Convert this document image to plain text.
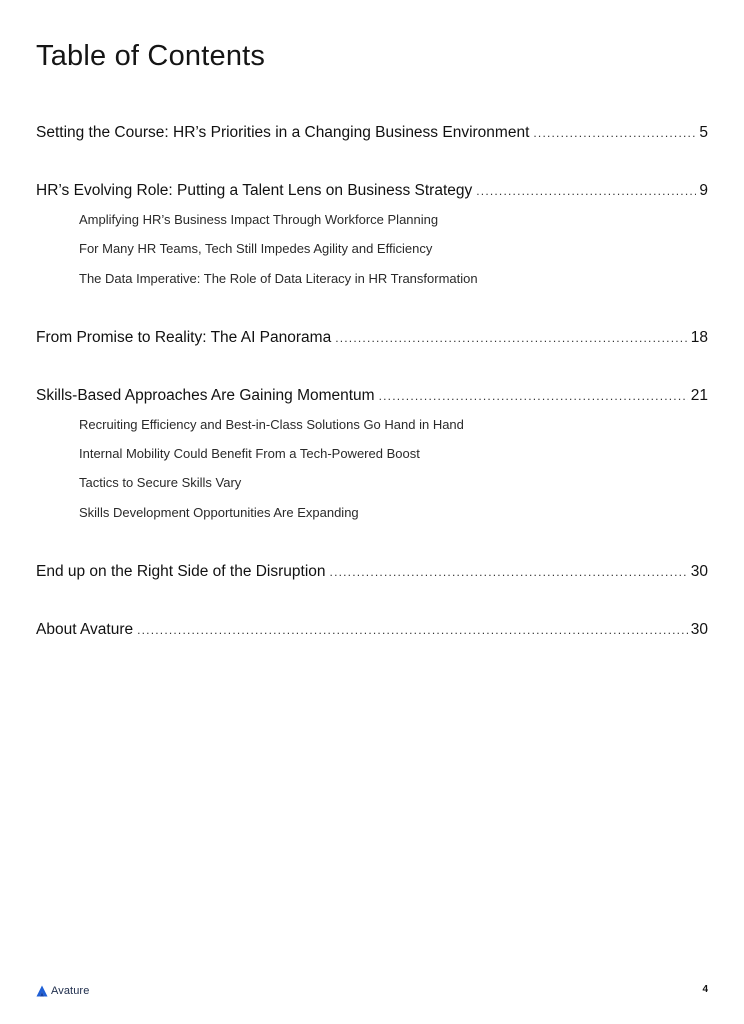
Table of Contents
Setting the Course: HR’s Priorities in a Changing Business Environment .....	5
HR’s Evolving Role: Putting a Talent Lens on Business Strategy .....	9
Amplifying HR’s Business Impact Through Workforce Planning
For Many HR Teams, Tech Still Impedes Agility and Efficiency
The Data Imperative: The Role of Data Literacy in HR Transformation
From Promise to Reality: The AI Panorama .....	18
Skills-Based Approaches Are Gaining Momentum .....	21
Recruiting Efficiency and Best-in-Class Solutions Go Hand in Hand
Internal Mobility Could Benefit From a Tech-Powered Boost
Tactics to Secure Skills Vary
Skills Development Opportunities Are Expanding
End up on the Right Side of the Disruption .....	30
About Avature .....	30
Avature	4
